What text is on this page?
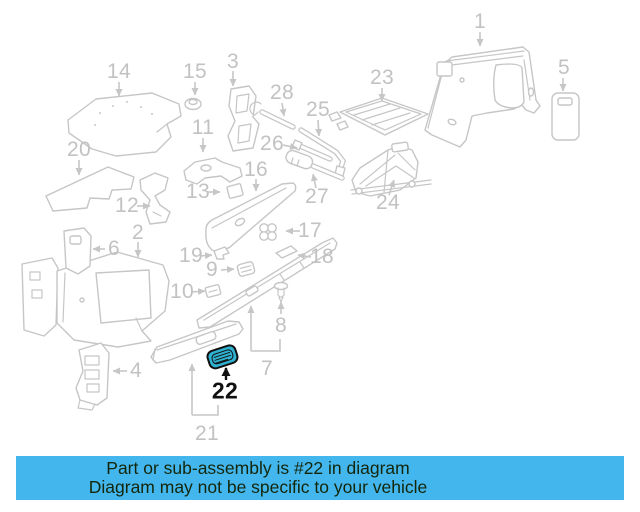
1
2
3
4
5
6
7
8
9
10
11
12
13
14 15
16
17
18
19
20
21
22
23
24
25
26
27
28
Part or sub-assembly is #22 in diagram
Diagram may not be specific to your vehicle
